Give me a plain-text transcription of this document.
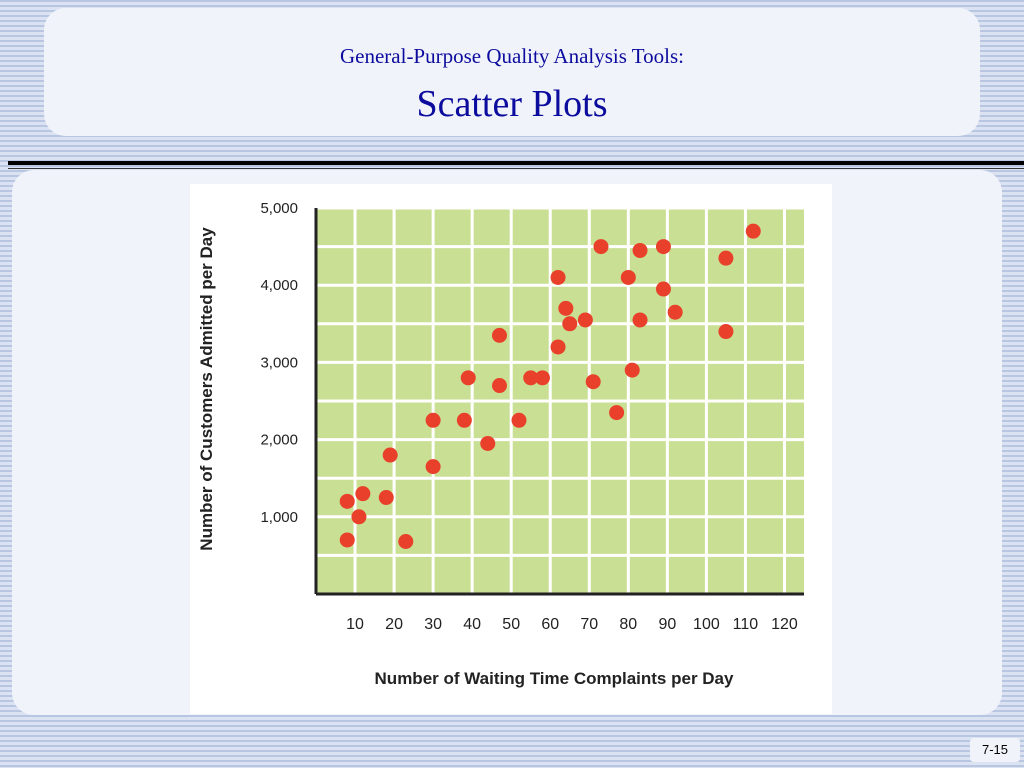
General-Purpose Quality Analysis Tools:
Scatter Plots
10 20 30 40 50 60 70 80 90 100 110 120
1,000
2,000
3,000
4,000
5,000
Number of Waiting Time Complaints per Day
Number of Customers Admitted per Day
7-15
